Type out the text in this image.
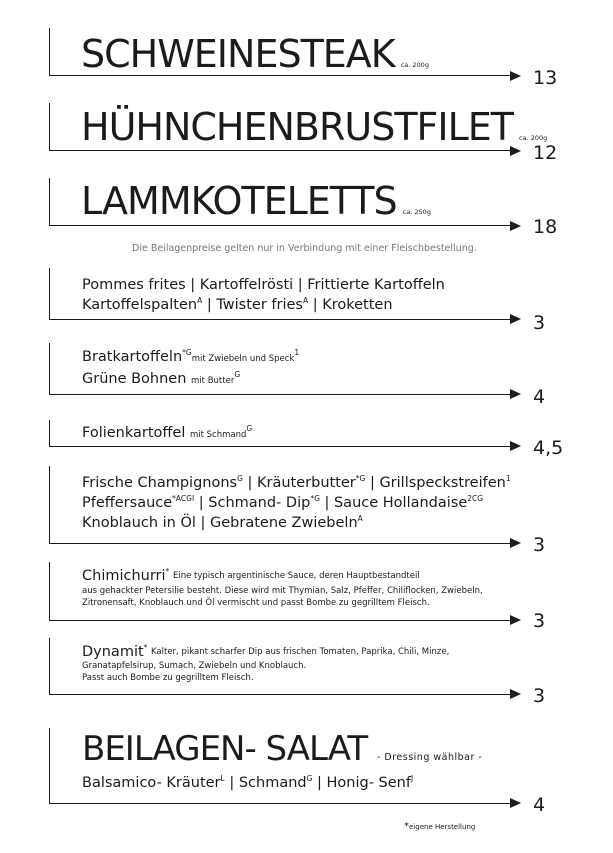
SCHWEINESTEAK ca. 200g
13
HÜHNCHENBRUSTFILET ca. 200g
12
LAMMKOTELETTS ca. 250g
18
Die Beilagenpreise gelten nur in Verbindung mit einer Fleischbestellung.
Pommes frites | Kartoffelrösti | Frittierte Kartoffeln
Kartoffelspalten$^A$ | Twister fries$^A$ | Kroketten
3
Bratkartoffeln$^{*G}$mit Zwiebeln und Speck$^1$
Grüne Bohnen mit Butter$^G$
4
Folienkartoffel mit Schmand$^G$
4,5
Frische Champignons$^G$ | Kräuterbutter$^{*G}$ | Grillspeckstreifen$^1$
Pfeffersauce$^{*ACGI}$ | Schmand- Dip$^{*G}$ | Sauce Hollandaise$^{2CG}$
Knoblauch in Öl | Gebratene Zwiebeln$^A$
3
Chimichurri* Eine typisch argentinische Sauce, deren Hauptbestandteil
aus gehackter Petersilie besteht. Diese wird mit Thymian, Salz, Pfeffer, Chiliflocken, Zwiebeln,
Zitronensaft, Knoblauch und Öl vermischt und passt Bombe zu gegrilltem Fleisch.
3
Dynamit* Kalter, pikant scharfer Dip aus frischen Tomaten, Paprika, Chili, Minze,
Granatapfelsirup, Sumach, Zwiebeln und Knoblauch.
Passt auch Bombe zu gegrilltem Fleisch.
3
BEILAGEN- SALAT - Dressing wählbar -
Balsamico- Kräuter$^L$ | Schmand$^G$ | Honig- Senf$^J$
4
*eigene Herstellung
